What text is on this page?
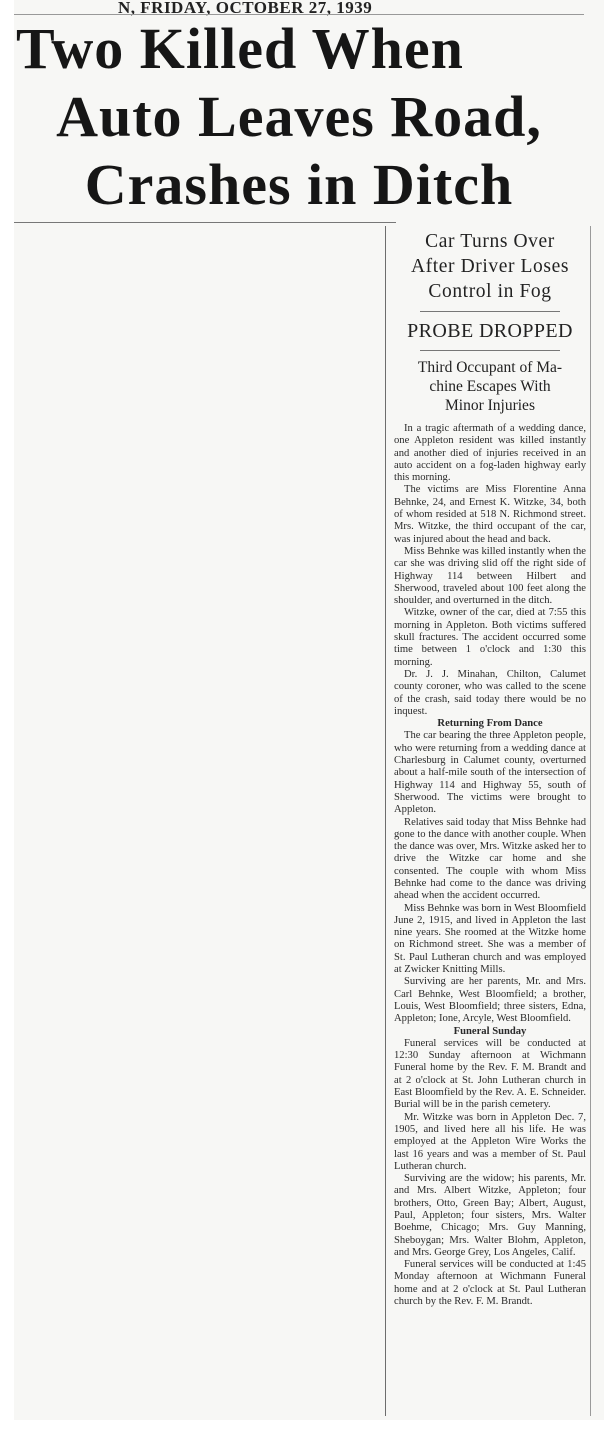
N, FRIDAY, OCTOBER 27, 1939
Two Killed When
Auto Leaves Road,
Crashes in Ditch
Car Turns Over
After Driver Loses
Control in Fog
PROBE DROPPED
Third Occupant of Ma-
chine Escapes With
Minor Injuries

In a tragic aftermath of a wedding dance, one Appleton resident was killed instantly and another died of injuries received in an auto accident on a fog-laden highway early this morning.

The victims are Miss Florentine Anna Behnke, 24, and Ernest K. Witzke, 34, both of whom resided at 518 N. Richmond street. Mrs. Witzke, the third occupant of the car, was injured about the head and back.

Miss Behnke was killed instantly when the car she was driving slid off the right side of Highway 114 between Hilbert and Sherwood, traveled about 100 feet along the shoulder, and overturned in the ditch.

Witzke, owner of the car, died at 7:55 this morning in Appleton. Both victims suffered skull fractures. The accident occurred some time between 1 o'clock and 1:30 this morning.

Dr. J. J. Minahan, Chilton, Calumet county coroner, who was called to the scene of the crash, said today there would be no inquest.

Returning From Dance

The car bearing the three Appleton people, who were returning from a wedding dance at Charlesburg in Calumet county, overturned about a half-mile south of the intersection of Highway 114 and Highway 55, south of Sherwood. The victims were brought to Appleton.

Relatives said today that Miss Behnke had gone to the dance with another couple. When the dance was over, Mrs. Witzke asked her to drive the Witzke car home and she consented. The couple with whom Miss Behnke had come to the dance was driving ahead when the accident occurred.

Miss Behnke was born in West Bloomfield June 2, 1915, and lived in Appleton the last nine years. She roomed at the Witzke home on Richmond street. She was a member of St. Paul Lutheran church and was employed at Zwicker Knitting Mills.

Surviving are her parents, Mr. and Mrs. Carl Behnke, West Bloomfield; a brother, Louis, West Bloomfield; three sisters, Edna, Appleton; Ione, Arcyle, West Bloomfield.

Funeral Sunday

Funeral services will be conducted at 12:30 Sunday afternoon at Wichmann Funeral home by the Rev. F. M. Brandt and at 2 o'clock at St. John Lutheran church in East Bloomfield by the Rev. A. E. Schneider. Burial will be in the parish cemetery.

Mr. Witzke was born in Appleton Dec. 7, 1905, and lived here all his life. He was employed at the Appleton Wire Works the last 16 years and was a member of St. Paul Lutheran church.

Surviving are the widow; his parents, Mr. and Mrs. Albert Witzke, Appleton; four brothers, Otto, Green Bay; Albert, August, Paul, Appleton; four sisters, Mrs. Walter Boehme, Chicago; Mrs. Guy Manning, Sheboygan; Mrs. Walter Blohm, Appleton, and Mrs. George Grey, Los Angeles, Calif.

Funeral services will be conducted at 1:45 Monday afternoon at Wichmann Funeral home and at 2 o'clock at St. Paul Lutheran church by the Rev. F. M. Brandt.
